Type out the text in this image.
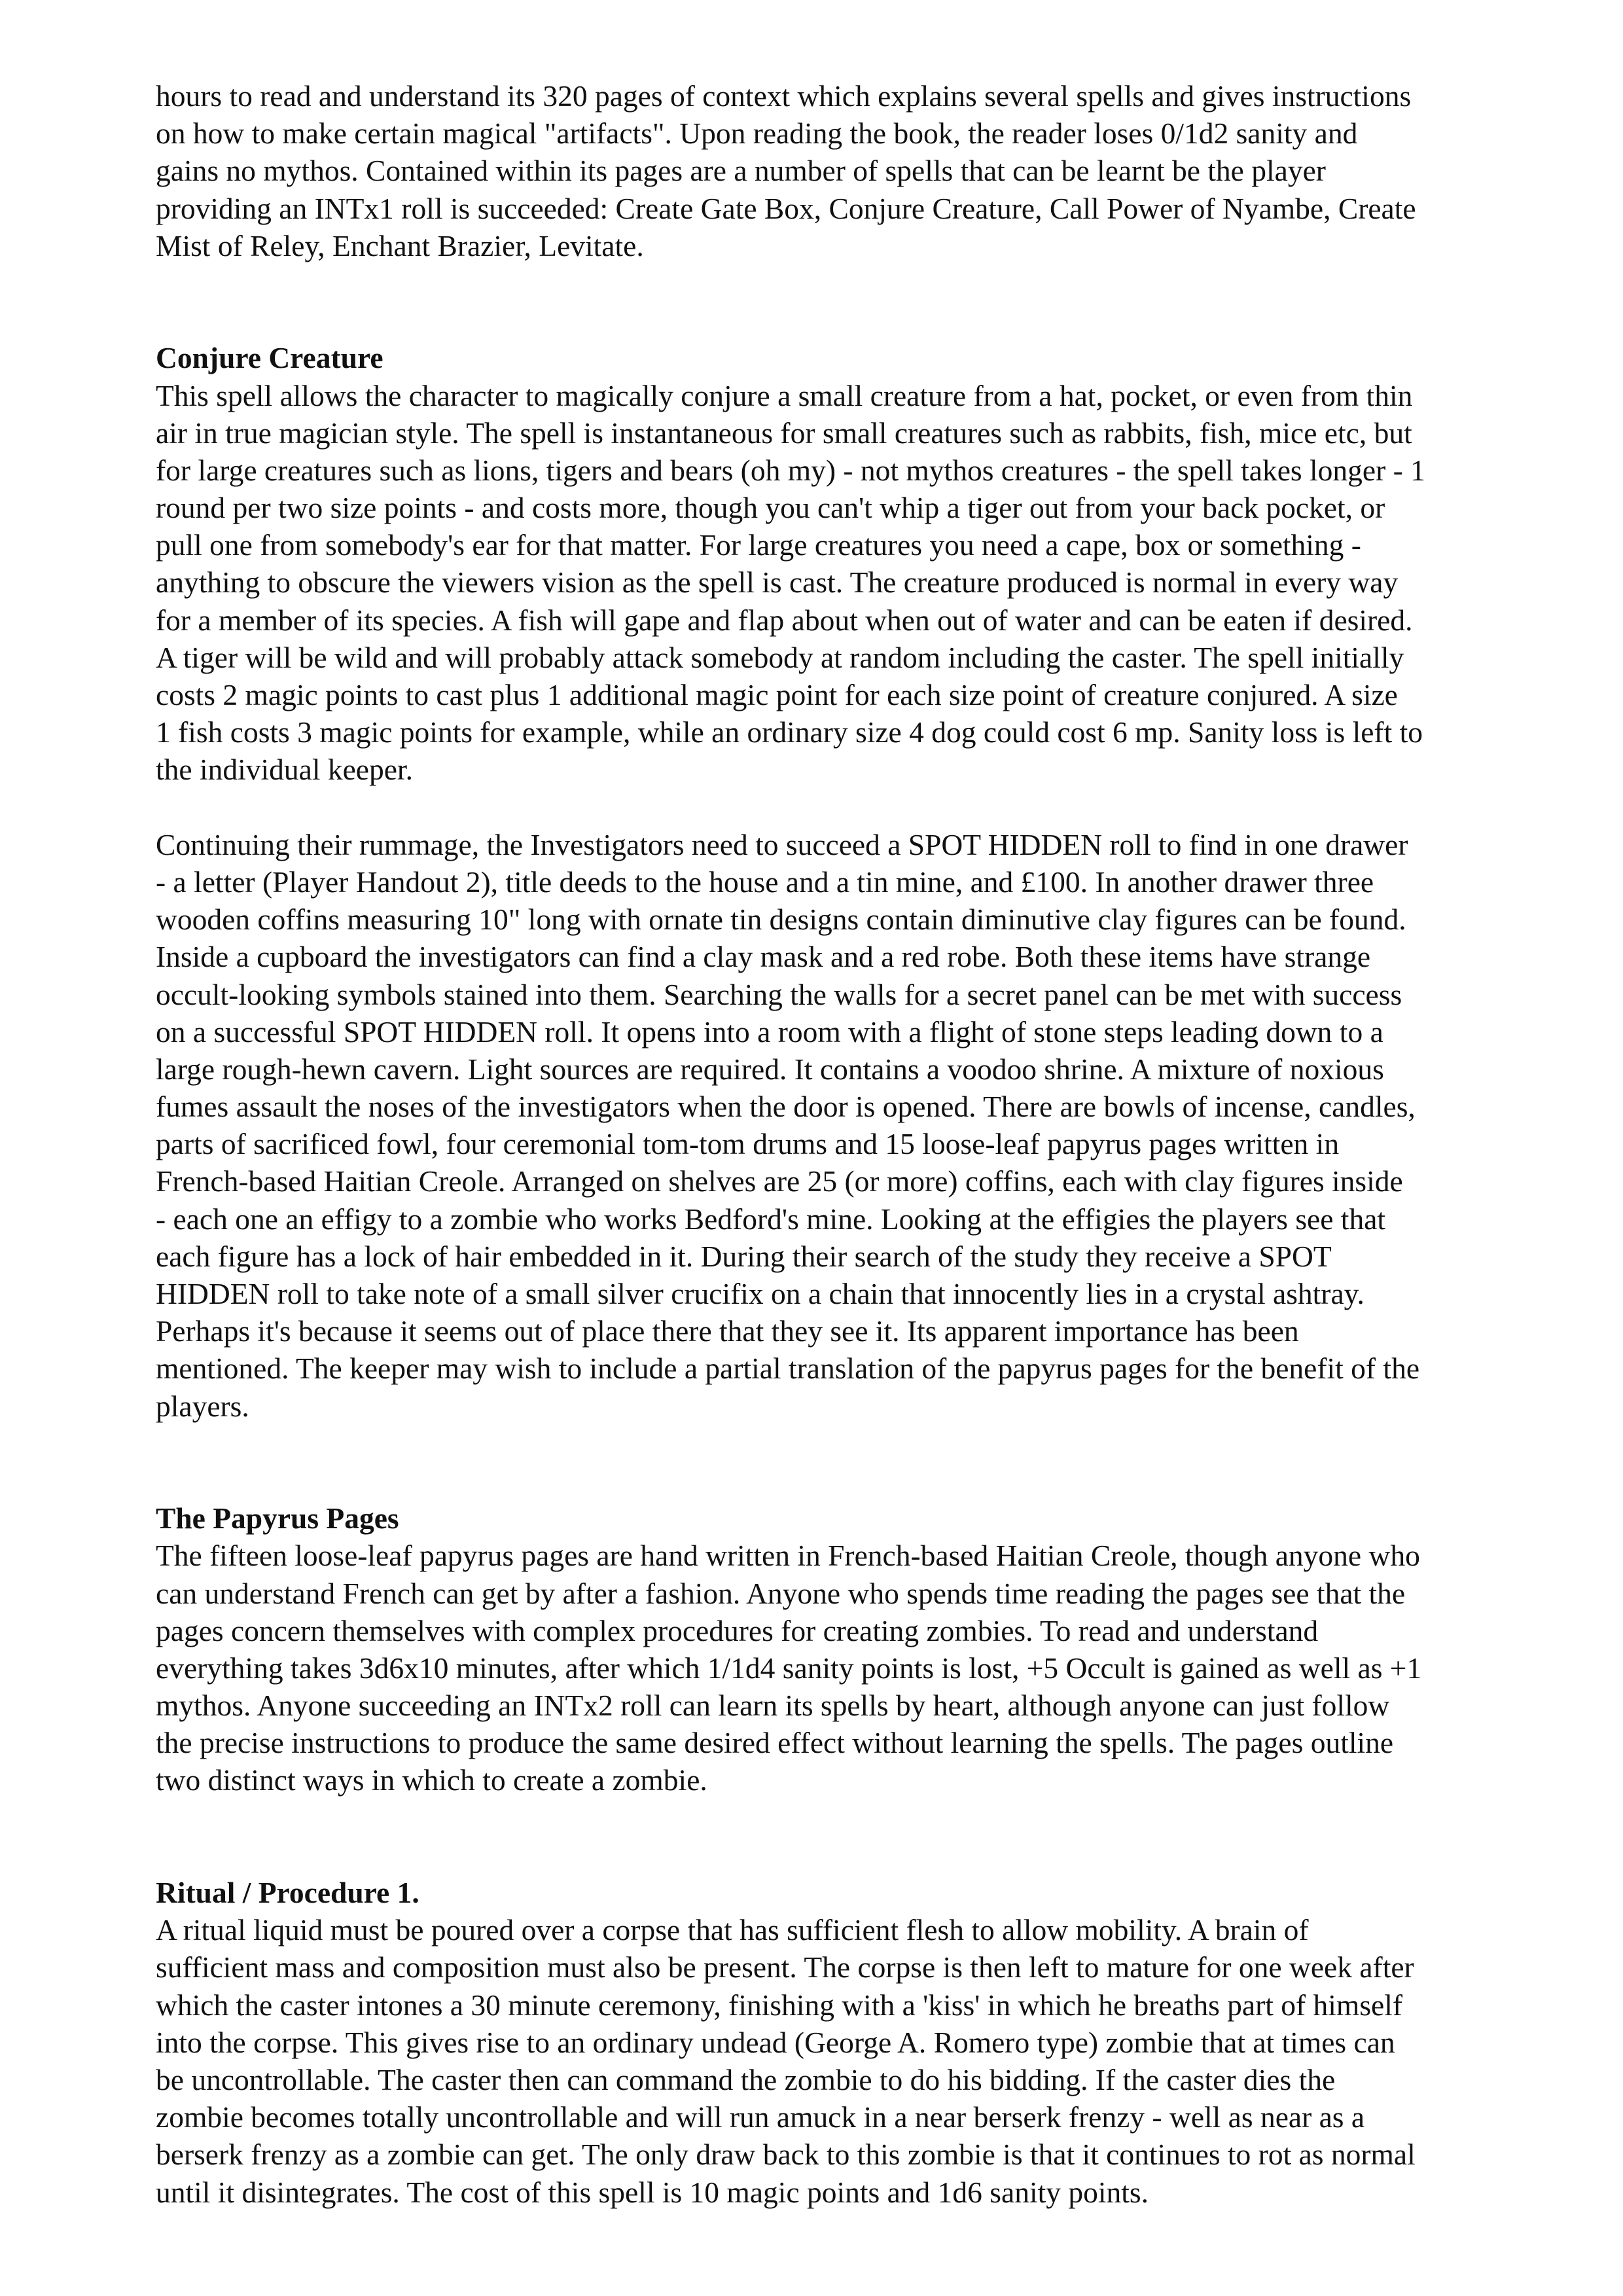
hours to read and understand its 320 pages of context which explains several spells and gives instructions
on how to make certain magical "artifacts". Upon reading the book, the reader loses 0/1d2 sanity and
gains no mythos. Contained within its pages are a number of spells that can be learnt be the player
providing an INTx1 roll is succeeded: Create Gate Box, Conjure Creature, Call Power of Nyambe, Create
Mist of Reley, Enchant Brazier, Levitate.
Conjure Creature
This spell allows the character to magically conjure a small creature from a hat, pocket, or even from thin
air in true magician style. The spell is instantaneous for small creatures such as rabbits, fish, mice etc, but
for large creatures such as lions, tigers and bears (oh my) - not mythos creatures - the spell takes longer - 1
round per two size points - and costs more, though you can't whip a tiger out from your back pocket, or
pull one from somebody's ear for that matter. For large creatures you need a cape, box or something -
anything to obscure the viewers vision as the spell is cast. The creature produced is normal in every way
for a member of its species. A fish will gape and flap about when out of water and can be eaten if desired.
A tiger will be wild and will probably attack somebody at random including the caster. The spell initially
costs 2 magic points to cast plus 1 additional magic point for each size point of creature conjured. A size
1 fish costs 3 magic points for example, while an ordinary size 4 dog could cost 6 mp. Sanity loss is left to
the individual keeper.
Continuing their rummage, the Investigators need to succeed a SPOT HIDDEN roll to find in one drawer
- a letter (Player Handout 2), title deeds to the house and a tin mine, and £100. In another drawer three
wooden coffins measuring 10" long with ornate tin designs contain diminutive clay figures can be found.
Inside a cupboard the investigators can find a clay mask and a red robe. Both these items have strange
occult-looking symbols stained into them. Searching the walls for a secret panel can be met with success
on a successful SPOT HIDDEN roll. It opens into a room with a flight of stone steps leading down to a
large rough-hewn cavern. Light sources are required. It contains a voodoo shrine. A mixture of noxious
fumes assault the noses of the investigators when the door is opened. There are bowls of incense, candles,
parts of sacrificed fowl, four ceremonial tom-tom drums and 15 loose-leaf papyrus pages written in
French-based Haitian Creole. Arranged on shelves are 25 (or more) coffins, each with clay figures inside
- each one an effigy to a zombie who works Bedford's mine. Looking at the effigies the players see that
each figure has a lock of hair embedded in it. During their search of the study they receive a SPOT
HIDDEN roll to take note of a small silver crucifix on a chain that innocently lies in a crystal ashtray.
Perhaps it's because it seems out of place there that they see it. Its apparent importance has been
mentioned. The keeper may wish to include a partial translation of the papyrus pages for the benefit of the
players.
The Papyrus Pages
The fifteen loose-leaf papyrus pages are hand written in French-based Haitian Creole, though anyone who
can understand French can get by after a fashion. Anyone who spends time reading the pages see that the
pages concern themselves with complex procedures for creating zombies. To read and understand
everything takes 3d6x10 minutes, after which 1/1d4 sanity points is lost, +5 Occult is gained as well as +1
mythos. Anyone succeeding an INTx2 roll can learn its spells by heart, although anyone can just follow
the precise instructions to produce the same desired effect without learning the spells. The pages outline
two distinct ways in which to create a zombie.
Ritual / Procedure 1.
A ritual liquid must be poured over a corpse that has sufficient flesh to allow mobility. A brain of
sufficient mass and composition must also be present. The corpse is then left to mature for one week after
which the caster intones a 30 minute ceremony, finishing with a 'kiss' in which he breaths part of himself
into the corpse. This gives rise to an ordinary undead (George A. Romero type) zombie that at times can
be uncontrollable. The caster then can command the zombie to do his bidding. If the caster dies the
zombie becomes totally uncontrollable and will run amuck in a near berserk frenzy - well as near as a
berserk frenzy as a zombie can get. The only draw back to this zombie is that it continues to rot as normal
until it disintegrates. The cost of this spell is 10 magic points and 1d6 sanity points.
